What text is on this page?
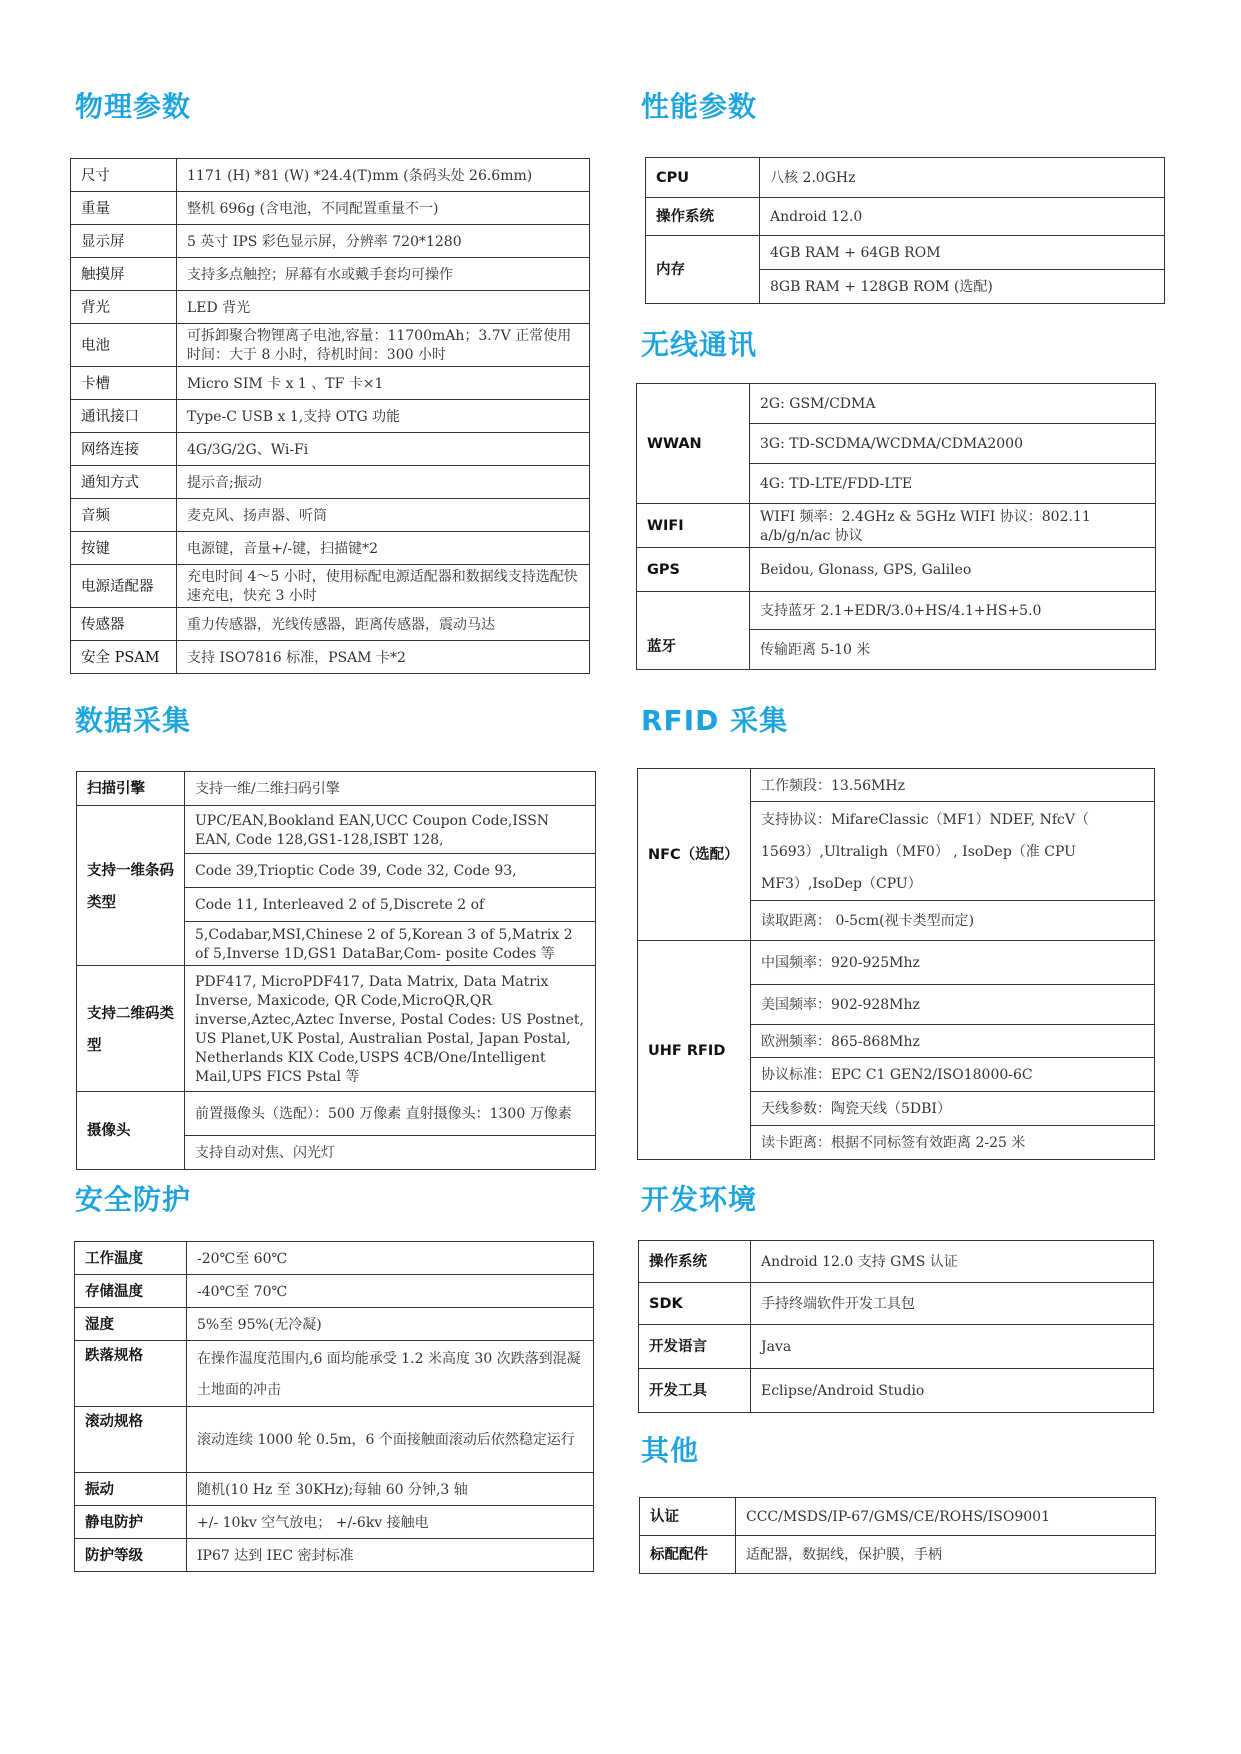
物理参数
尺寸	1171 (H) *81 (W) *24.4(T)mm (条码头处 26.6mm)
重量	整机 696g (含电池，不同配置重量不一)
显示屏	5 英寸 IPS 彩色显示屏，分辨率 720*1280
触摸屏	支持多点触控；屏幕有水或戴手套均可操作
背光	LED 背光
电池	可拆卸聚合物锂离子电池,容量：11700mAh；3.7V 正常使用时间：大于 8 小时，待机时间：300 小时
卡槽	Micro SIM 卡 x 1 、TF 卡×1
通讯接口	Type-C USB x 1,支持 OTG 功能
网络连接	4G/3G/2G、Wi-Fi
通知方式	提示音;振动
音频	麦克风、扬声器、听筒
按键	电源键，音量+/-键，扫描键*2
电源适配器	充电时间 4～5 小时，使用标配电源适配器和数据线支持选配快速充电，快充 3 小时
传感器	重力传感器，光线传感器，距离传感器，震动马达
安全 PSAM	支持 ISO7816 标准，PSAM 卡*2
数据采集
扫描引擎	支持一维/二维扫码引擎
支持一维条码类型	UPC/EAN,Bookland EAN,UCC Coupon Code,ISSN EAN, Code 128,GS1-128,ISBT 128,
	Code 39,Trioptic Code 39, Code 32, Code 93,
	Code 11, Interleaved 2 of 5,Discrete 2 of
	5,Codabar,MSI,Chinese 2 of 5,Korean 3 of 5,Matrix 2 of 5,Inverse 1D,GS1 DataBar,Com- posite Codes 等
支持二维码类型	PDF417, MicroPDF417, Data Matrix, Data Matrix Inverse, Maxicode, QR Code,MicroQR,QR inverse,Aztec,Aztec Inverse, Postal Codes: US Postnet, US Planet,UK Postal, Australian Postal, Japan Postal, Netherlands KIX Code,USPS 4CB/One/Intelligent Mail,UPS FICS Pstal 等
摄像头	前置摄像头（选配）：500 万像素 直射摄像头：1300 万像素
	支持自动对焦、闪光灯
安全防护
工作温度	-20℃至 60℃
存储温度	-40℃至 70℃
湿度	5%至 95%(无冷凝)
跌落规格	在操作温度范围内,6 面均能承受 1.2 米高度 30 次跌落到混凝土地面的冲击
滚动规格	滚动连续 1000 轮 0.5m，6 个面接触面滚动后依然稳定运行
振动	随机(10 Hz 至 30KHz);每轴 60 分钟,3 轴
静电防护	+/- 10kv 空气放电； +/-6kv 接触电
防护等级	IP67 达到 IEC 密封标准
性能参数
CPU	八核 2.0GHz
操作系统	Android 12.0
内存	4GB RAM + 64GB ROM
	8GB RAM + 128GB ROM (选配)
无线通讯
WWAN	2G: GSM/CDMA
	3G: TD-SCDMA/WCDMA/CDMA2000
	4G: TD-LTE/FDD-LTE
WIFI	WIFI 频率：2.4GHz & 5GHz WIFI 协议：802.11 a/b/g/n/ac 协议
GPS	Beidou, Glonass, GPS, Galileo
蓝牙	支持蓝牙 2.1+EDR/3.0+HS/4.1+HS+5.0
	传输距离 5-10 米
RFID 采集
NFC（选配）	工作频段：13.56MHz
	支持协议：MifareClassic（MF1）NDEF, NfcV（ 15693）,Ultraligh（MF0） , IsoDep（准 CPU MF3）,IsoDep（CPU）
	读取距离： 0-5cm(视卡类型而定)
UHF RFID	中国频率：920-925Mhz
	美国频率：902-928Mhz
	欧洲频率：865-868Mhz
	协议标准：EPC C1 GEN2/ISO18000-6C
	天线参数：陶瓷天线（5DBI）
	读卡距离：根据不同标签有效距离 2-25 米
开发环境
操作系统	Android 12.0 支持 GMS 认证
SDK	手持终端软件开发工具包
开发语言	Java
开发工具	Eclipse/Android Studio
其他
认证	CCC/MSDS/IP-67/GMS/CE/ROHS/ISO9001
标配配件	适配器，数据线，保护膜，手柄
